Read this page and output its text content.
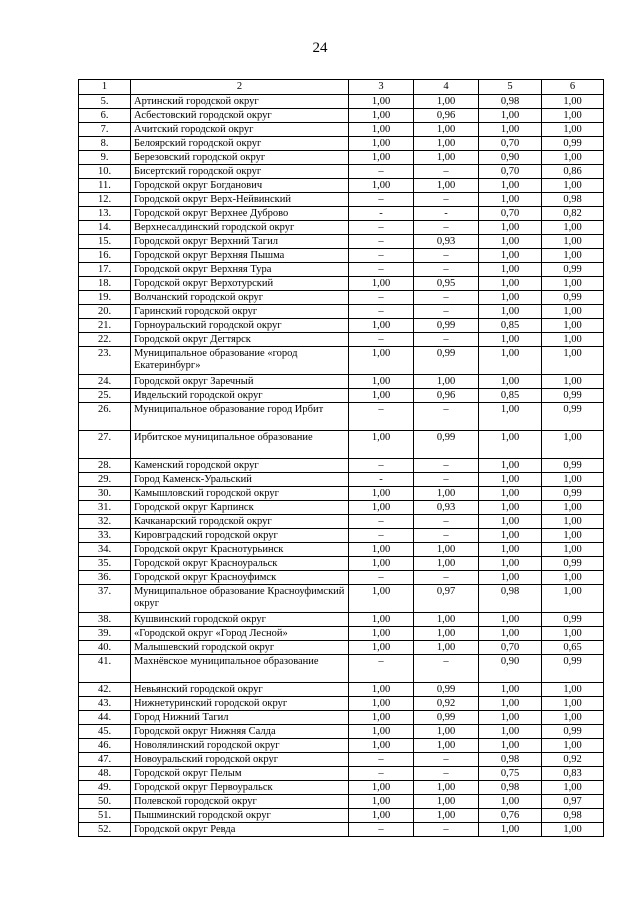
24
1	2	3	4	5	6
5.	Артинский городской округ	1,00	1,00	0,98	1,00
6.	Асбестовский городской округ	1,00	0,96	1,00	1,00
7.	Ачитский городской округ	1,00	1,00	1,00	1,00
8.	Белоярский городской округ	1,00	1,00	0,70	0,99
9.	Березовский городской округ	1,00	1,00	0,90	1,00
10.	Бисертский городской округ	–	–	0,70	0,86
11.	Городской округ Богданович	1,00	1,00	1,00	1,00
12.	Городской округ Верх-Нейвинский	–	–	1,00	0,98
13.	Городской округ Верхнее Дуброво	-	-	0,70	0,82
14.	Верхнесалдинский городской округ	–	–	1,00	1,00
15.	Городской округ Верхний Тагил	–	0,93	1,00	1,00
16.	Городской округ Верхняя Пышма	–	–	1,00	1,00
17.	Городской округ Верхняя Тура	–	–	1,00	0,99
18.	Городской округ Верхотурский	1,00	0,95	1,00	1,00
19.	Волчанский городской округ	–	–	1,00	0,99
20.	Гаринский городской округ	–	–	1,00	1,00
21.	Горноуральский городской округ	1,00	0,99	0,85	1,00
22.	Городской округ Дегтярск	–	–	1,00	1,00
23.	Муниципальное образование «город Екатеринбург»	1,00	0,99	1,00	1,00
24.	Городской округ Заречный	1,00	1,00	1,00	1,00
25.	Ивдельский городской округ	1,00	0,96	0,85	0,99
26.	Муниципальное образование город Ирбит	–	–	1,00	0,99
27.	Ирбитское муниципальное образование	1,00	0,99	1,00	1,00
28.	Каменский городской округ	–	–	1,00	0,99
29.	Город Каменск-Уральский	-	–	1,00	1,00
30.	Камышловский городской округ	1,00	1,00	1,00	0,99
31.	Городской округ Карпинск	1,00	0,93	1,00	1,00
32.	Качканарский городской округ	–	–	1,00	1,00
33.	Кировградский городской округ	–	–	1,00	1,00
34.	Городской округ Краснотурьинск	1,00	1,00	1,00	1,00
35.	Городской округ Красноуральск	1,00	1,00	1,00	0,99
36.	Городской округ Красноуфимск	–	–	1,00	1,00
37.	Муниципальное образование Красноуфимский округ	1,00	0,97	0,98	1,00
38.	Кушвинский городской округ	1,00	1,00	1,00	0,99
39.	«Городской округ «Город Лесной»	1,00	1,00	1,00	1,00
40.	Малышевский городской округ	1,00	1,00	0,70	0,65
41.	Махнёвское муниципальное образование	–	–	0,90	0,99
42.	Невьянский городской округ	1,00	0,99	1,00	1,00
43.	Нижнетуринский городской округ	1,00	0,92	1,00	1,00
44.	Город Нижний Тагил	1,00	0,99	1,00	1,00
45.	Городской округ Нижняя Салда	1,00	1,00	1,00	0,99
46.	Новолялинский городской округ	1,00	1,00	1,00	1,00
47.	Новоуральский городской округ	–	–	0,98	0,92
48.	Городской округ Пелым	–	–	0,75	0,83
49.	Городской округ Первоуральск	1,00	1,00	0,98	1,00
50.	Полевской городской округ	1,00	1,00	1,00	0,97
51.	Пышминский городской округ	1,00	1,00	0,76	0,98
52.	Городской округ Ревда	–	–	1,00	1,00
